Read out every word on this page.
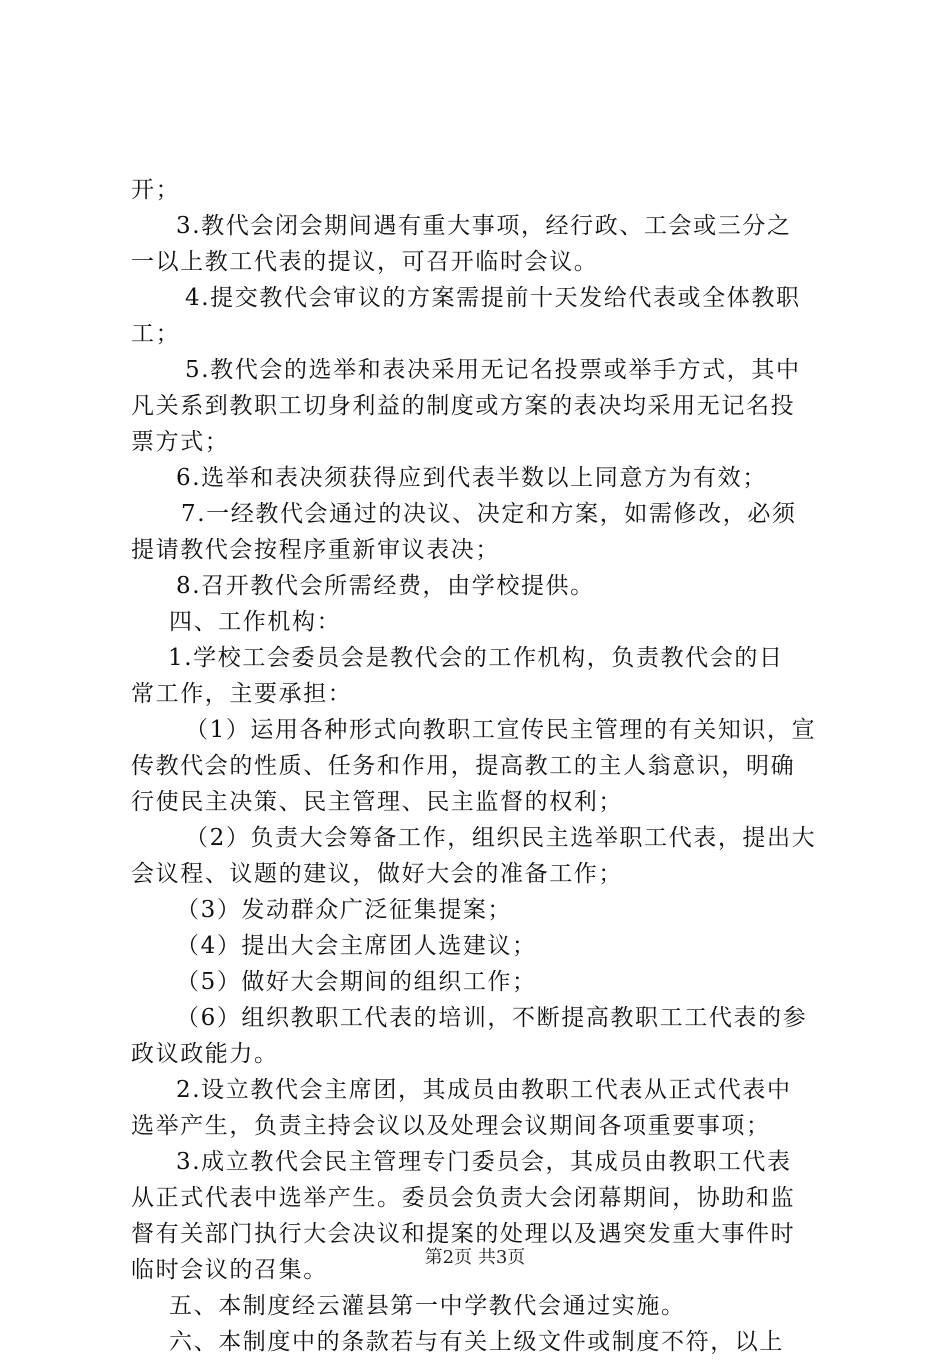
开；
3.教代会闭会期间遇有重大事项，经行政、工会或三分之
一以上教工代表的提议，可召开临时会议。
4.提交教代会审议的方案需提前十天发给代表或全体教职
工；
5.教代会的选举和表决采用无记名投票或举手方式，其中
凡关系到教职工切身利益的制度或方案的表决均采用无记名投
票方式；
6.选举和表决须获得应到代表半数以上同意方为有效；
7.一经教代会通过的决议、决定和方案，如需修改，必须
提请教代会按程序重新审议表决；
8.召开教代会所需经费，由学校提供。
四、工作机构：
1.学校工会委员会是教代会的工作机构，负责教代会的日
常工作，主要承担：
（1）运用各种形式向教职工宣传民主管理的有关知识，宣
传教代会的性质、任务和作用，提高教工的主人翁意识，明确
行使民主决策、民主管理、民主监督的权利；
（2）负责大会筹备工作，组织民主选举职工代表，提出大
会议程、议题的建议，做好大会的准备工作；
（3）发动群众广泛征集提案；
（4）提出大会主席团人选建议；
（5）做好大会期间的组织工作；
（6）组织教职工代表的培训，不断提高教职工工代表的参
政议政能力。
2.设立教代会主席团，其成员由教职工代表从正式代表中
选举产生，负责主持会议以及处理会议期间各项重要事项；
3.成立教代会民主管理专门委员会，其成员由教职工代表
从正式代表中选举产生。委员会负责大会闭幕期间，协助和监
督有关部门执行大会决议和提案的处理以及遇突发重大事件时
临时会议的召集。
五、本制度经云灌县第一中学教代会通过实施。
六、本制度中的条款若与有关上级文件或制度不符，以上
第2页 共3页
